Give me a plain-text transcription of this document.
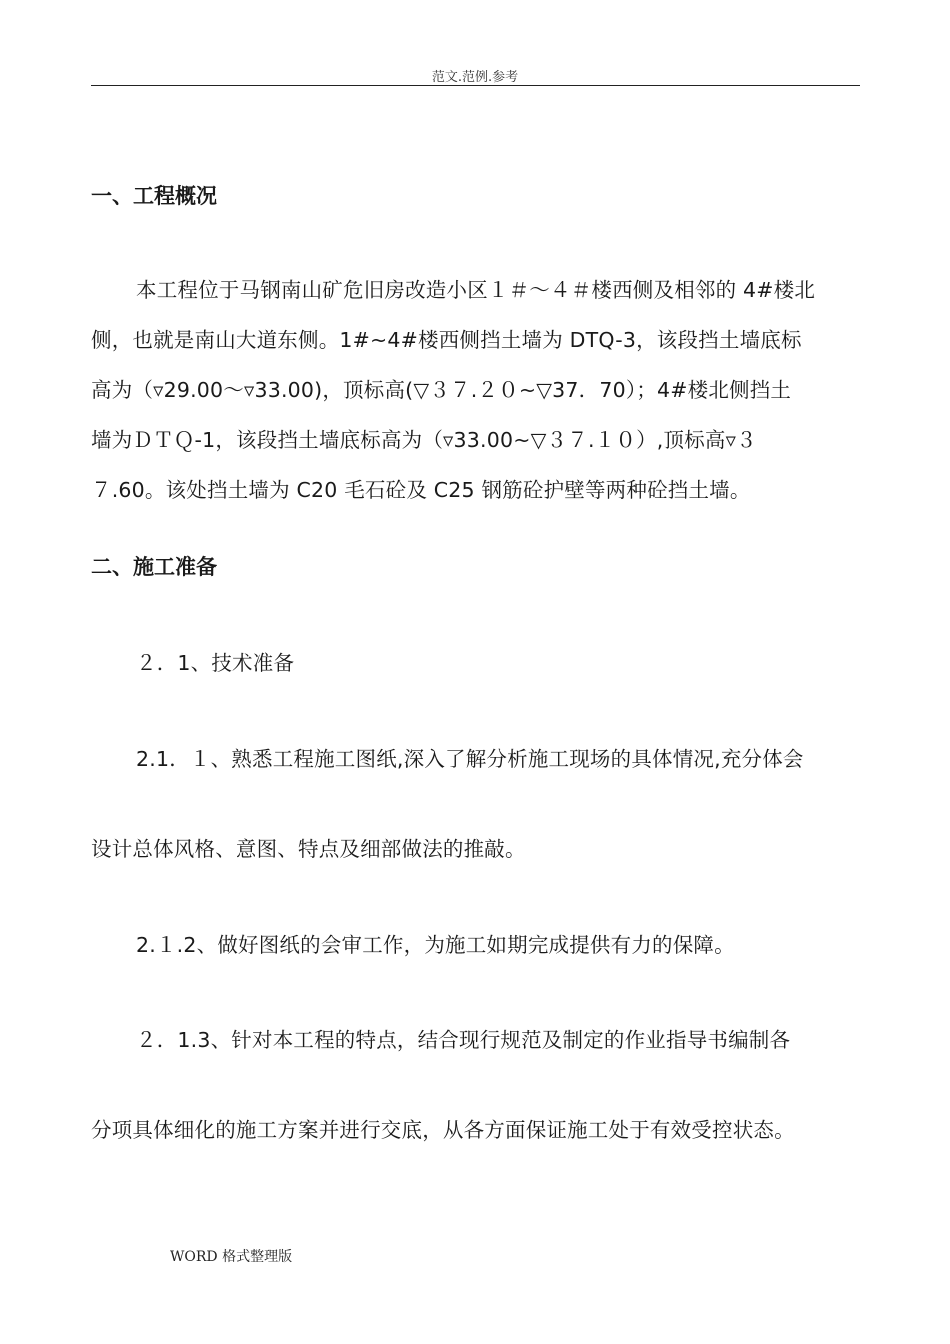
范文.范例.参考
一、工程概况
本工程位于马钢南山矿危旧房改造小区１＃～４＃楼西侧及相邻的 4#楼北
侧，也就是南山大道东侧。1#~4#楼西侧挡土墙为 DTQ-3，该段挡土墙底标
高为（▿29.00～▿33.00)，顶标高(▽３７.２０~▽37．70）；4#楼北侧挡土
墙为ＤＴＱ-1，该段挡土墙底标高为（▿33.00~▽３７.１０）,顶标高▿３
７.60。该处挡土墙为 C20 毛石砼及 C25 钢筋砼护壁等两种砼挡土墙。
二、施工准备
２．1、技术准备
2.1．１、熟悉工程施工图纸,深入了解分析施工现场的具体情况,充分体会
设计总体风格、意图、特点及细部做法的推敲。
2.１.2、做好图纸的会审工作，为施工如期完成提供有力的保障。
２．1.3、针对本工程的特点，结合现行规范及制定的作业指导书编制各
分项具体细化的施工方案并进行交底，从各方面保证施工处于有效受控状态。
WORD 格式整理版
